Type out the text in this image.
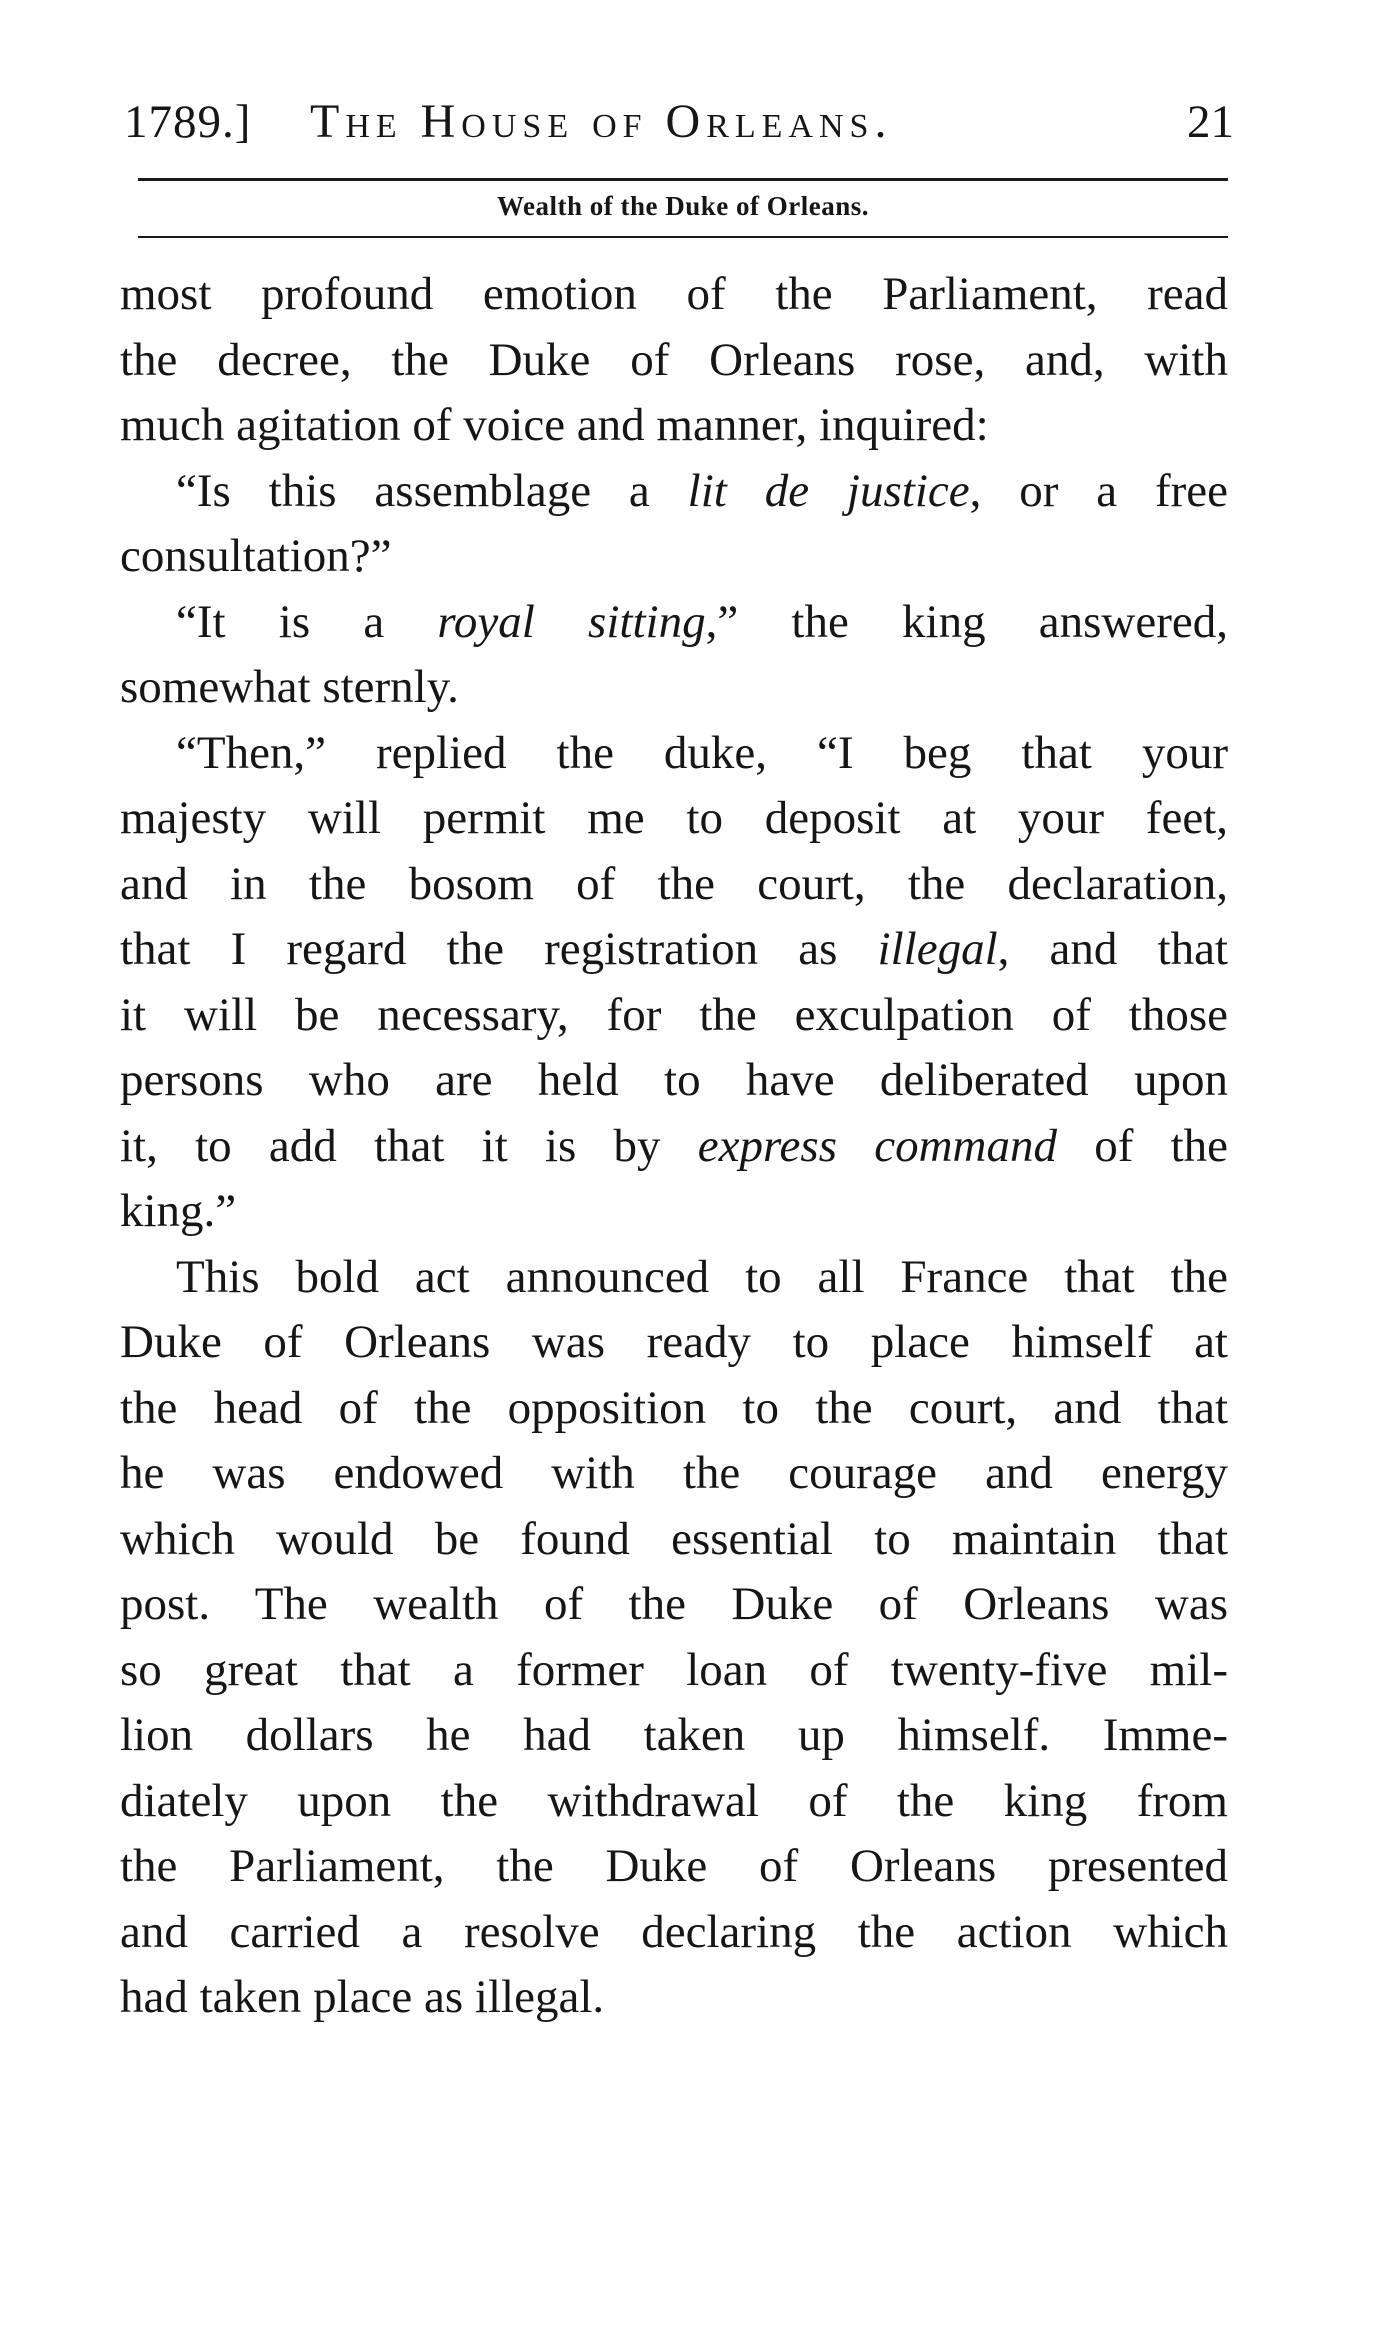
1789.] The House of Orleans.	21
Wealth of the Duke of Orleans.
most profound emotion of the Parliament, read
the decree, the Duke of Orleans rose, and, with
much agitation of voice and manner, inquired:
“Is this assemblage a lit de justice, or a free
consultation?”
“It is a royal sitting,” the king answered,
somewhat sternly.
“Then,” replied the duke, “I beg that your
majesty will permit me to deposit at your feet,
and in the bosom of the court, the declaration,
that I regard the registration as illegal, and that
it will be necessary, for the exculpation of those
persons who are held to have deliberated upon
it, to add that it is by express command of the
king.”
This bold act announced to all France that the
Duke of Orleans was ready to place himself at
the head of the opposition to the court, and that
he was endowed with the courage and energy
which would be found essential to maintain that
post. The wealth of the Duke of Orleans was
so great that a former loan of twenty-five mil-
lion dollars he had taken up himself. Imme-
diately upon the withdrawal of the king from
the Parliament, the Duke of Orleans presented
and carried a resolve declaring the action which
had taken place as illegal.
